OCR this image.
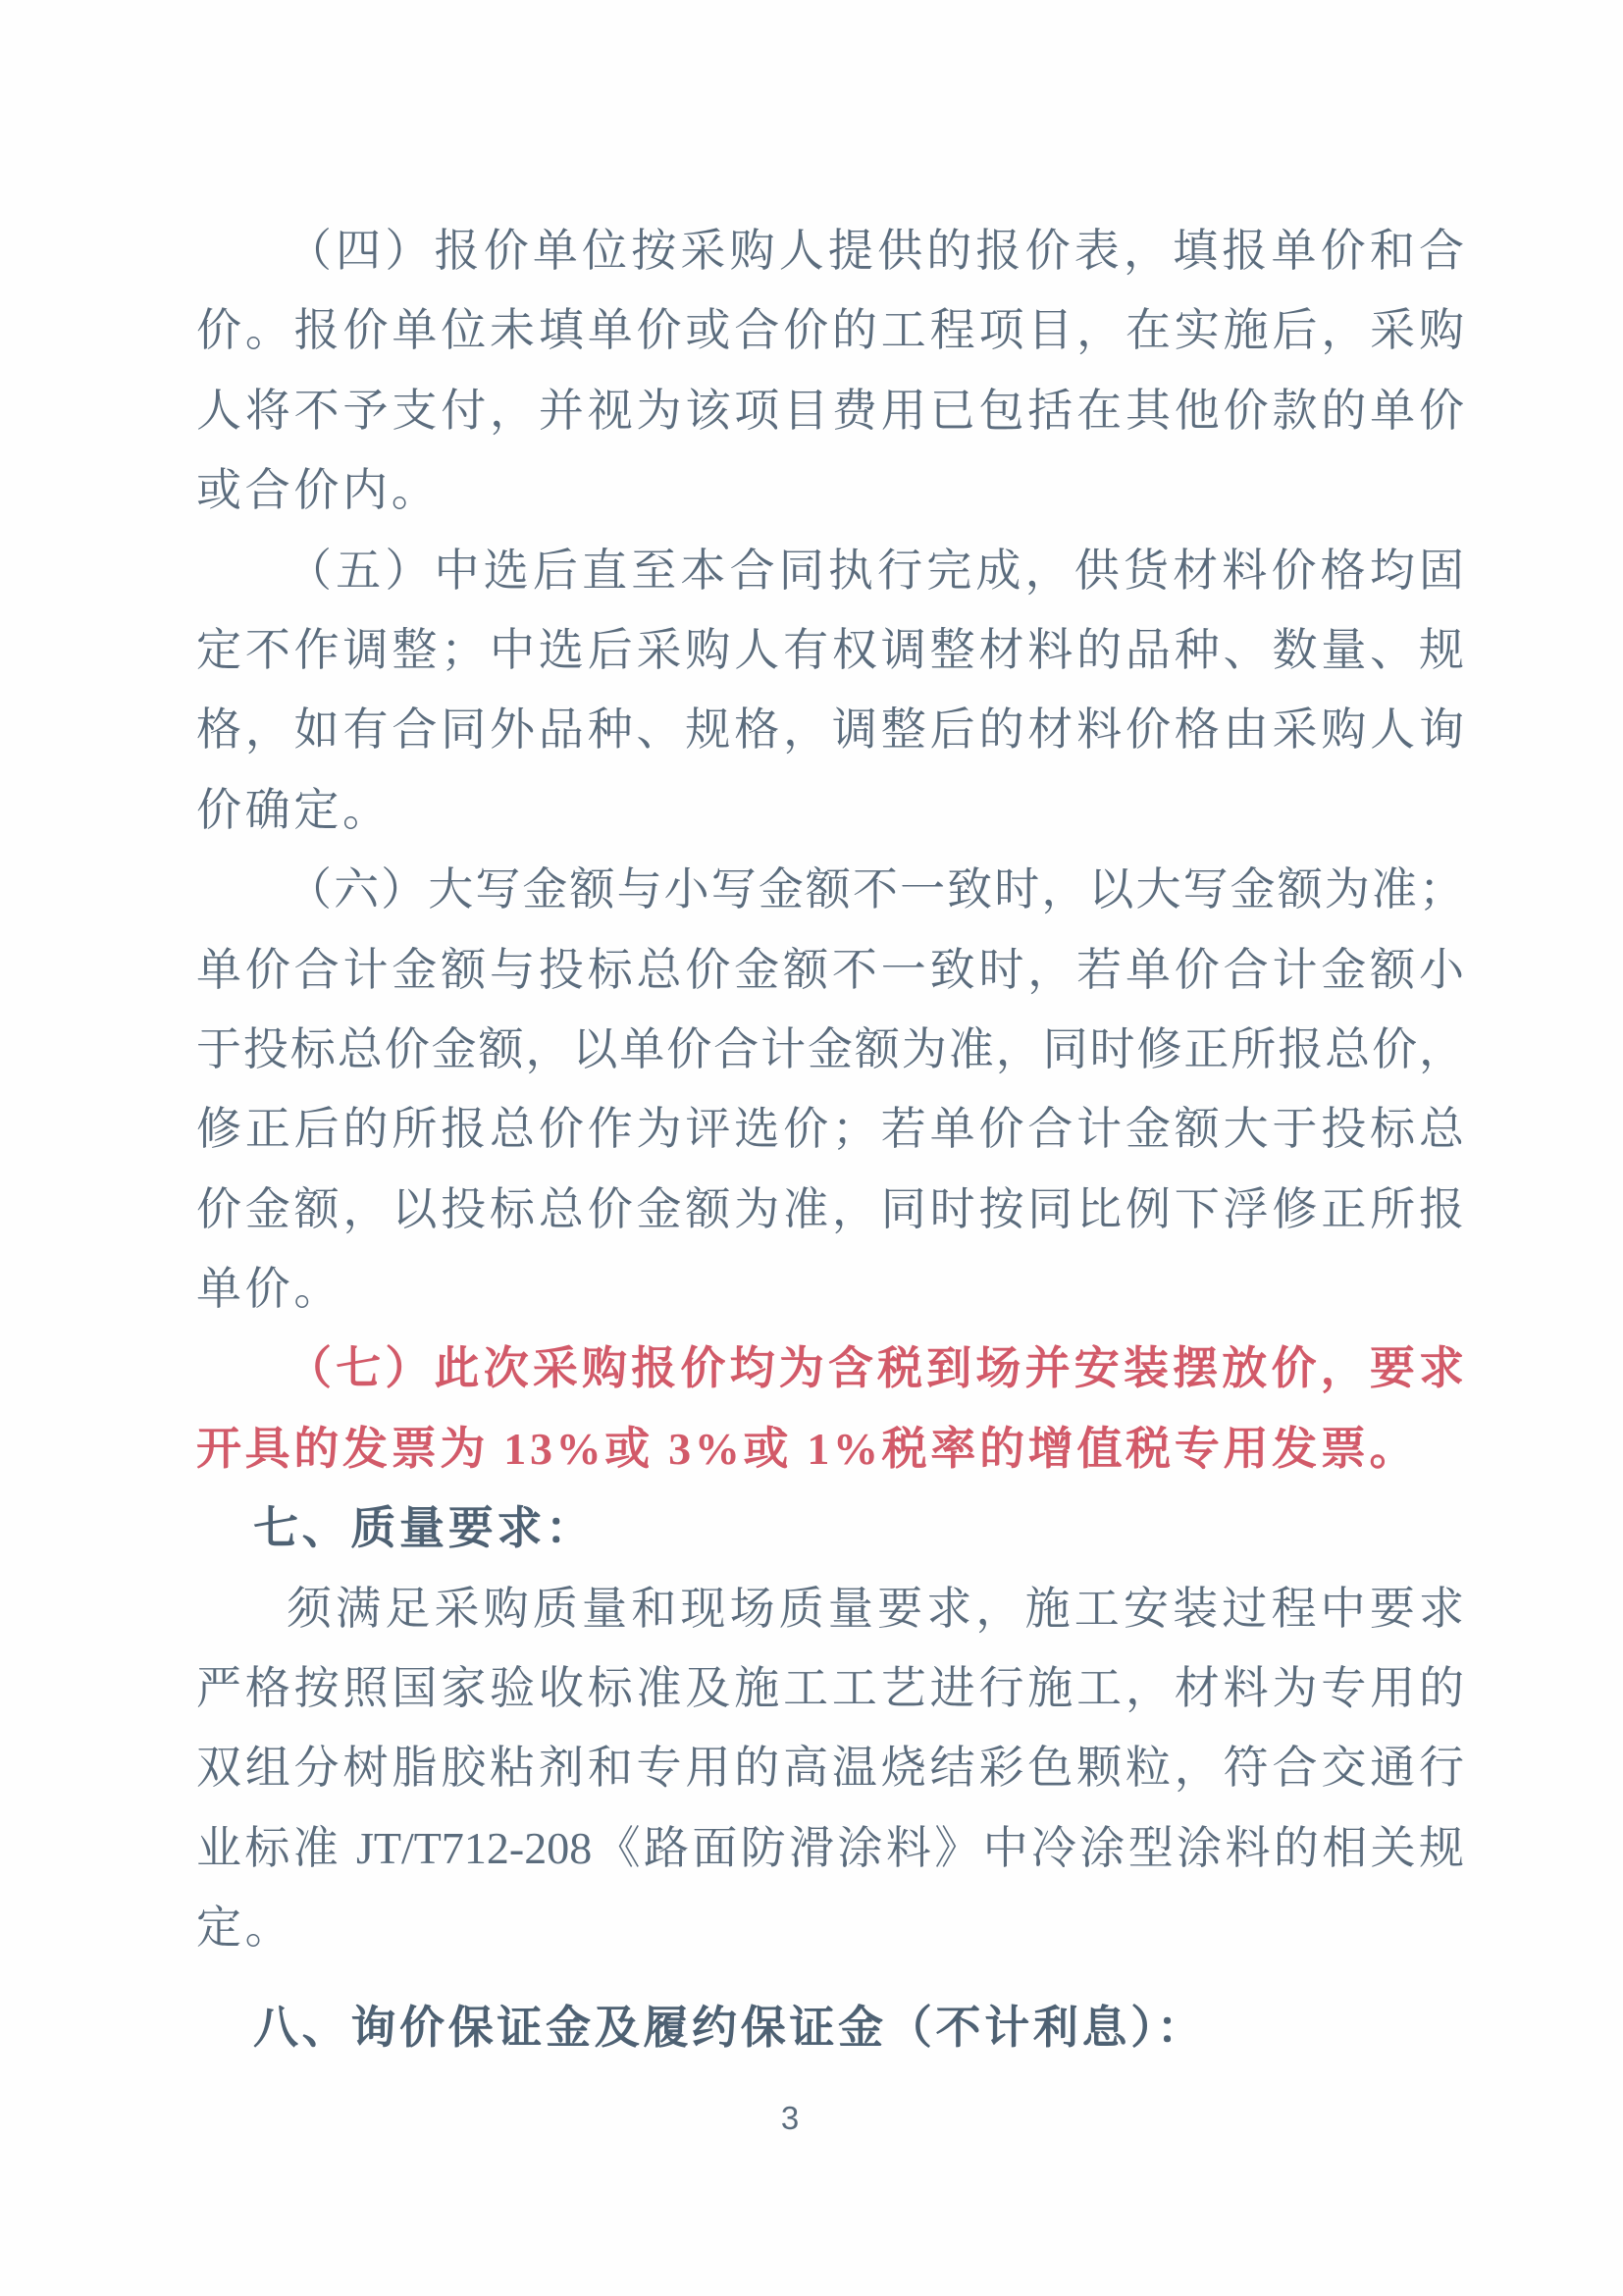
（四）报价单位按采购人提供的报价表，填报单价和合
价。报价单位未填单价或合价的工程项目，在实施后，采购
人将不予支付，并视为该项目费用已包括在其他价款的单价
或合价内。
（五）中选后直至本合同执行完成，供货材料价格均固
定不作调整；中选后采购人有权调整材料的品种、数量、规
格，如有合同外品种、规格，调整后的材料价格由采购人询
价确定。
（六）大写金额与小写金额不一致时，以大写金额为准；
单价合计金额与投标总价金额不一致时，若单价合计金额小
于投标总价金额，以单价合计金额为准，同时修正所报总价，
修正后的所报总价作为评选价；若单价合计金额大于投标总
价金额，以投标总价金额为准，同时按同比例下浮修正所报
单价。
（七）此次采购报价均为含税到场并安装摆放价，要求
开具的发票为 13%或 3%或 1%税率的增值税专用发票。
七、质量要求：
须满足采购质量和现场质量要求，施工安装过程中要求
严格按照国家验收标准及施工工艺进行施工，材料为专用的
双组分树脂胶粘剂和专用的高温烧结彩色颗粒，符合交通行
业标准 JT/T712-208《路面防滑涂料》中冷涂型涂料的相关规
定。
八、询价保证金及履约保证金（不计利息）：
3
